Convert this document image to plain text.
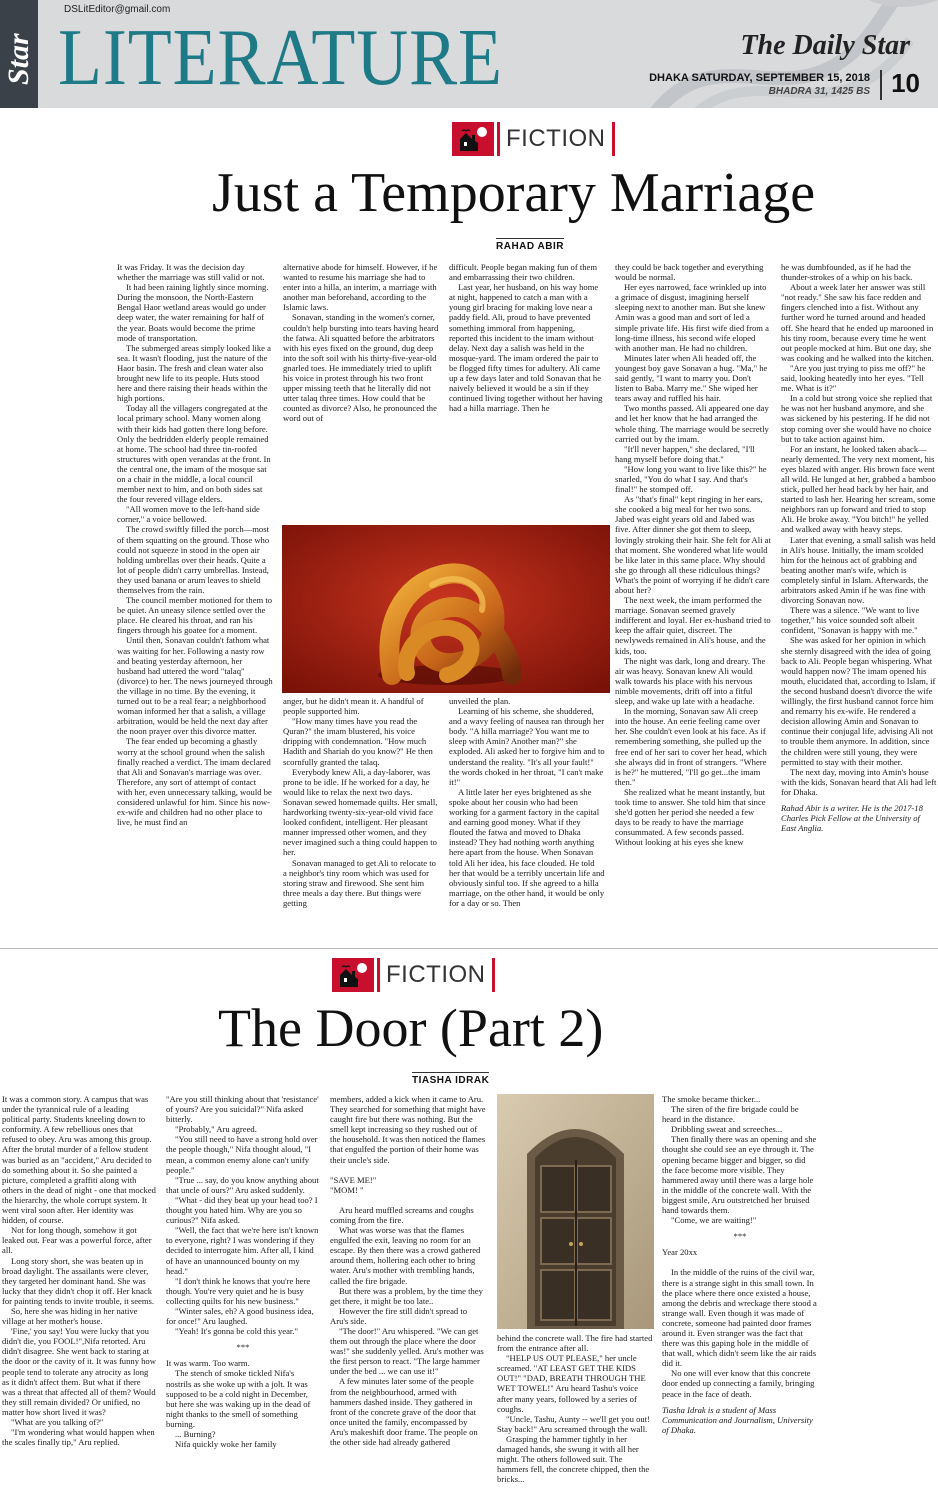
Star
DSLitEditor@gmail.com
LITERATURE	The Daily Star
DHAKA SATURDAY, SEPTEMBER 15, 2018
BHADRA 31, 1425 BS 10
FICTION
Just a Temporary Marriage
RAHAD ABIR

It was Friday. It was the decision day whether the marriage was still valid or not.

It had been raining lightly since morning. During the monsoon, the North-Eastern Bengal Haor wetland areas would go under deep water, the water remaining for half of the year. Boats would become the prime mode of transportation.

The submerged areas simply looked like a sea. It wasn't flooding, just the nature of the Haor basin. The fresh and clean water also brought new life to its people. Huts stood here and there raising their heads within the high portions.

Today all the villagers congregated at the local primary school. Many women along with their kids had gotten there long before. Only the bedridden elderly people remained at home. The school had three tin-roofed structures with open verandas at the front. In the central one, the imam of the mosque sat on a chair in the middle, a local council member next to him, and on both sides sat the four revered village elders.

"All women move to the left-hand side corner," a voice bellowed.

The crowd swiftly filled the porch—most of them squatting on the ground. Those who could not squeeze in stood in the open air holding umbrellas over their heads. Quite a lot of people didn't carry umbrellas. Instead, they used banana or arum leaves to shield themselves from the rain.

The council member motioned for them to be quiet. An uneasy silence settled over the place. He cleared his throat, and ran his fingers through his goatee for a moment.

Until then, Sonavan couldn't fathom what was waiting for her. Following a nasty row and beating yesterday afternoon, her husband had uttered the word "talaq" (divorce) to her. The news journeyed through the village in no time. By the evening, it turned out to be a real fear; a neighborhood woman informed her that a salish, a village arbitration, would be held the next day after the noon prayer over this divorce matter.

The fear ended up becoming a ghastly worry at the school ground when the salish finally reached a verdict. The imam declared that Ali and Sonavan's marriage was over. Therefore, any sort of attempt of contact with her, even unnecessary talking, would be considered unlawful for him. Since his now-ex-wife and children had no other place to live, he must find an

alternative abode for himself. However, if he wanted to resume his marriage she had to enter into a hilla, an interim, a marriage with another man beforehand, according to the Islamic laws.

Sonavan, standing in the women's corner, couldn't help bursting into tears having heard the fatwa. Ali squatted before the arbitrators with his eyes fixed on the ground, dug deep into the soft soil with his thirty-five-year-old gnarled toes. He immediately tried to uplift his voice in protest through his two front upper missing teeth that he literally did not utter talaq three times. How could that be counted as divorce? Also, he pronounced the word out of

difficult. People began making fun of them and embarrassing their two children.

Last year, her husband, on his way home at night, happened to catch a man with a young girl bracing for making love near a paddy field. Ali, proud to have prevented something immoral from happening, reported this incident to the imam without delay. Next day a salish was held in the mosque-yard. The imam ordered the pair to be flogged fifty times for adultery. Ali came up a few days later and told Sonavan that he naively believed it would be a sin if they continued living together without her having had a hilla marriage. Then he

anger, but he didn't mean it. A handful of people supported him.

"How many times have you read the Quran?" the imam blustered, his voice dripping with condemnation. "How much Hadith and Shariah do you know?" He then scornfully granted the talaq.

Everybody knew Ali, a day-laborer, was prone to be idle. If he worked for a day, he would like to relax the next two days. Sonavan sewed homemade quilts. Her small, hardworking twenty-six-year-old vivid face looked confident, intelligent. Her pleasant manner impressed other women, and they never imagined such a thing could happen to her.

Sonavan managed to get Ali to relocate to a neighbor's tiny room which was used for storing straw and firewood. She sent him three meals a day there. But things were getting

unveiled the plan.

Learning of his scheme, she shuddered, and a wavy feeling of nausea ran through her body. "A hilla marriage? You want me to sleep with Amin? Another man?" she exploded. Ali asked her to forgive him and to understand the reality. "It's all your fault!" the words choked in her throat, "I can't make it!"

A little later her eyes brightened as she spoke about her cousin who had been working for a garment factory in the capital and earning good money. What if they flouted the fatwa and moved to Dhaka instead? They had nothing worth anything here apart from the house. When Sonavan told Ali her idea, his face clouded. He told her that would be a terribly uncertain life and obviously sinful too. If she agreed to a hilla marriage, on the other hand, it would be only for a day or so. Then

they could be back together and everything would be normal.

Her eyes narrowed, face wrinkled up into a grimace of disgust, imagining herself sleeping next to another man. But she knew Amin was a good man and sort of led a simple private life. His first wife died from a long-time illness, his second wife eloped with another man. He had no children.

Minutes later when Ali headed off, the youngest boy gave Sonavan a hug. "Ma," he said gently, "I want to marry you. Don't listen to Baba. Marry me." She wiped her tears away and ruffled his hair.

Two months passed. Ali appeared one day and let her know that he had arranged the whole thing. The marriage would be secretly carried out by the imam.

"It'll never happen," she declared, "I'll hang myself before doing that."

"How long you want to live like this?" he snarled, "You do what I say. And that's final!" he stomped off.

As "that's final" kept ringing in her ears, she cooked a big meal for her two sons. Jabed was eight years old and Jabed was five. After dinner she got them to sleep, lovingly stroking their hair. She felt for Ali at that moment. She wondered what life would be like later in this same place. Why should she go through all these ridiculous things? What's the point of worrying if he didn't care about her?

The next week, the imam performed the marriage. Sonavan seemed gravely indifferent and loyal. Her ex-husband tried to keep the affair quiet, discreet. The newlyweds remained in Ali's house, and the kids, too.

The night was dark, long and dreary. The air was heavy. Sonavan knew Ali would walk towards his place with his nervous nimble movements, drift off into a fitful sleep, and wake up late with a headache.

In the morning, Sonavan saw Ali creep into the house. An eerie feeling came over her. She couldn't even look at his face. As if remembering something, she pulled up the free end of her sari to cover her head, which she always did in front of strangers. "Where is he?" he muttered, "I'll go get...the imam then."

She realized what he meant instantly, but took time to answer. She told him that since she'd gotten her period she needed a few days to be ready to have the marriage consummated. A few seconds passed. Without looking at his eyes she knew

he was dumbfounded, as if he had the thunder-strokes of a whip on his back.

About a week later her answer was still "not ready." She saw his face redden and fingers clenched into a fist. Without any further word he turned around and headed off. She heard that he ended up marooned in his tiny room, because every time he went out people mocked at him. But one day, she was cooking and he walked into the kitchen.

"Are you just trying to piss me off?" he said, looking heatedly into her eyes. "Tell me. What is it?"

In a cold but strong voice she replied that he was not her husband anymore, and she was sickened by his pestering. If he did not stop coming over she would have no choice but to take action against him.

For an instant, he looked taken aback—nearly demented. The very next moment, his eyes blazed with anger. His brown face went all wild. He lunged at her, grabbed a bamboo stick, pulled her head back by her hair, and started to lash her. Hearing her scream, some neighbors ran up forward and tried to stop Ali. He broke away. "You bitch!" he yelled and walked away with heavy steps.

Later that evening, a small salish was held in Ali's house. Initially, the imam scolded him for the heinous act of grabbing and beating another man's wife, which is completely sinful in Islam. Afterwards, the arbitrators asked Amin if he was fine with divorcing Sonavan now.

There was a silence. "We want to live together," his voice sounded soft albeit confident, "Sonavan is happy with me."

She was asked for her opinion in which she sternly disagreed with the idea of going back to Ali. People began whispering. What would happen now? The imam opened his mouth, elucidated that, according to Islam, if the second husband doesn't divorce the wife willingly, the first husband cannot force him and remarry his ex-wife. He rendered a decision allowing Amin and Sonavan to continue their conjugal life, advising Ali not to trouble them anymore. In addition, since the children were still young, they were permitted to stay with their mother.

The next day, moving into Amin's house with the kids, Sonavan heard that Ali had left for Dhaka.

Rahad Abir is a writer. He is the 2017-18 Charles Pick Fellow at the University of East Anglia.

FICTION
The Door (Part 2)
TIASHA IDRAK

It was a common story. A campus that was under the tyrannical rule of a leading political party. Students kneeling down to conformity. A few rebellious ones that refused to obey. Aru was among this group. After the brutal murder of a fellow student was buried as an "accident," Aru decided to do something about it. So she painted a picture, completed a graffiti along with others in the dead of night - one that mocked the hierarchy, the whole corrupt system. It went viral soon after. Her identity was hidden, of course.

Not for long though, somehow it got leaked out. Fear was a powerful force, after all.

Long story short, she was beaten up in broad daylight. The assailants were clever, they targeted her dominant hand. She was lucky that they didn't chop it off. Her knack for painting tends to invite trouble, it seems.

So, here she was hiding in her native village at her mother's house.

'Fine,' you say! You were lucky that you didn't die, you FOOL!",Nifa retorted. Aru didn't disagree. She went back to staring at the door or the cavity of it. It was funny how people tend to tolerate any atrocity as long as it didn't affect them. But what if there was a threat that affected all of them? Would they still remain divided? Or unified, no matter how short lived it was?

"What are you talking of?"

"I'm wondering what would happen when the scales finally tip," Aru replied.

"Are you still thinking about that 'resistance' of yours? Are you suicidal?" Nifa asked bitterly.

"Probably," Aru agreed.

"You still need to have a strong hold over the people though," Nifa thought aloud, "I mean, a common enemy alone can't unify people."

"True ... say, do you know anything about that uncle of ours?" Aru asked suddenly.

"What - did they beat up your head too? I thought you hated him. Why are you so curious?" Nifa asked.

"Well, the fact that we're here isn't known to everyone, right? I was wondering if they decided to interrogate him. After all, I kind of have an unannounced bounty on my head."

"I don't think he knows that you're here though. You're very quiet and he is busy collecting quilts for his new business."

"Winter sales, eh? A good business idea, for once!" Aru laughed.

"Yeah! It's gonna be cold this year."

***

It was warm. Too warm.

The stench of smoke tickled Nifa's nostrils as she woke up with a jolt. It was supposed to be a cold night in December, but here she was waking up in the dead of night thanks to the smell of something burning.

... Burning?

Nifa quickly woke her family

members, added a kick when it came to Aru. They searched for something that might have caught fire but there was nothing. But the smell kept increasing so they rushed out of the household. It was then noticed the flames that engulfed the portion of their home was their uncle's side.

"SAVE ME!"

"MOM! "

Aru heard muffled screams and coughs coming from the fire.

What was worse was that the flames engulfed the exit, leaving no room for an escape. By then there was a crowd gathered around them, hollering each other to bring water. Aru's mother with trembling hands, called the fire brigade.

But there was a problem, by the time they get there, it might be too late..

However the fire still didn't spread to Aru's side.

"The door!" Aru whispered. "We can get them out through the place where the door was!" she suddenly yelled. Aru's mother was the first person to react. "The large hammer under the bed ... we can use it!"

A few minutes later some of the people from the neighbourhood, armed with hammers dashed inside. They gathered in front of the concrete grave of the door that once united the family, encompassed by Aru's makeshift door frame. The people on the other side had already gathered

behind the concrete wall. The fire had started from the entrance after all.

"HELP US OUT PLEASE," her uncle screamed. "AT LEAST GET THE KIDS OUT!" "DAD, BREATH THROUGH THE WET TOWEL!" Aru heard Tashu's voice after many years, followed by a series of coughs.

"Uncle, Tashu, Aunty -- we'll get you out! Stay back!" Aru screamed through the wall.

Grasping the hammer tightly in her damaged hands, she swung it with all her might. The others followed suit. The hammers fell, the concrete chipped, then the bricks...

The smoke became thicker...

The siren of the fire brigade could be heard in the distance.

Dribbling sweat and screeches...

Then finally there was an opening and she thought she could see an eye through it. The opening became bigger and bigger, so did the face become more visible. They hammered away until there was a large hole in the middle of the concrete wall. With the biggest smile, Aru outstretched her bruised hand towards them.

"Come, we are waiting!"

***

Year 20xx

In the middle of the ruins of the civil war, there is a strange sight in this small town. In the place where there once existed a house, among the debris and wreckage there stood a strange wall. Even though it was made of concrete, someone had painted door frames around it. Even stranger was the fact that there was this gaping hole in the middle of that wall, which didn't seem like the air raids did it.

No one will ever know that this concrete door ended up connecting a family, bringing peace in the face of death.

Tiasha Idrak is a student of Mass Communication and Journalism, University of Dhaka.
